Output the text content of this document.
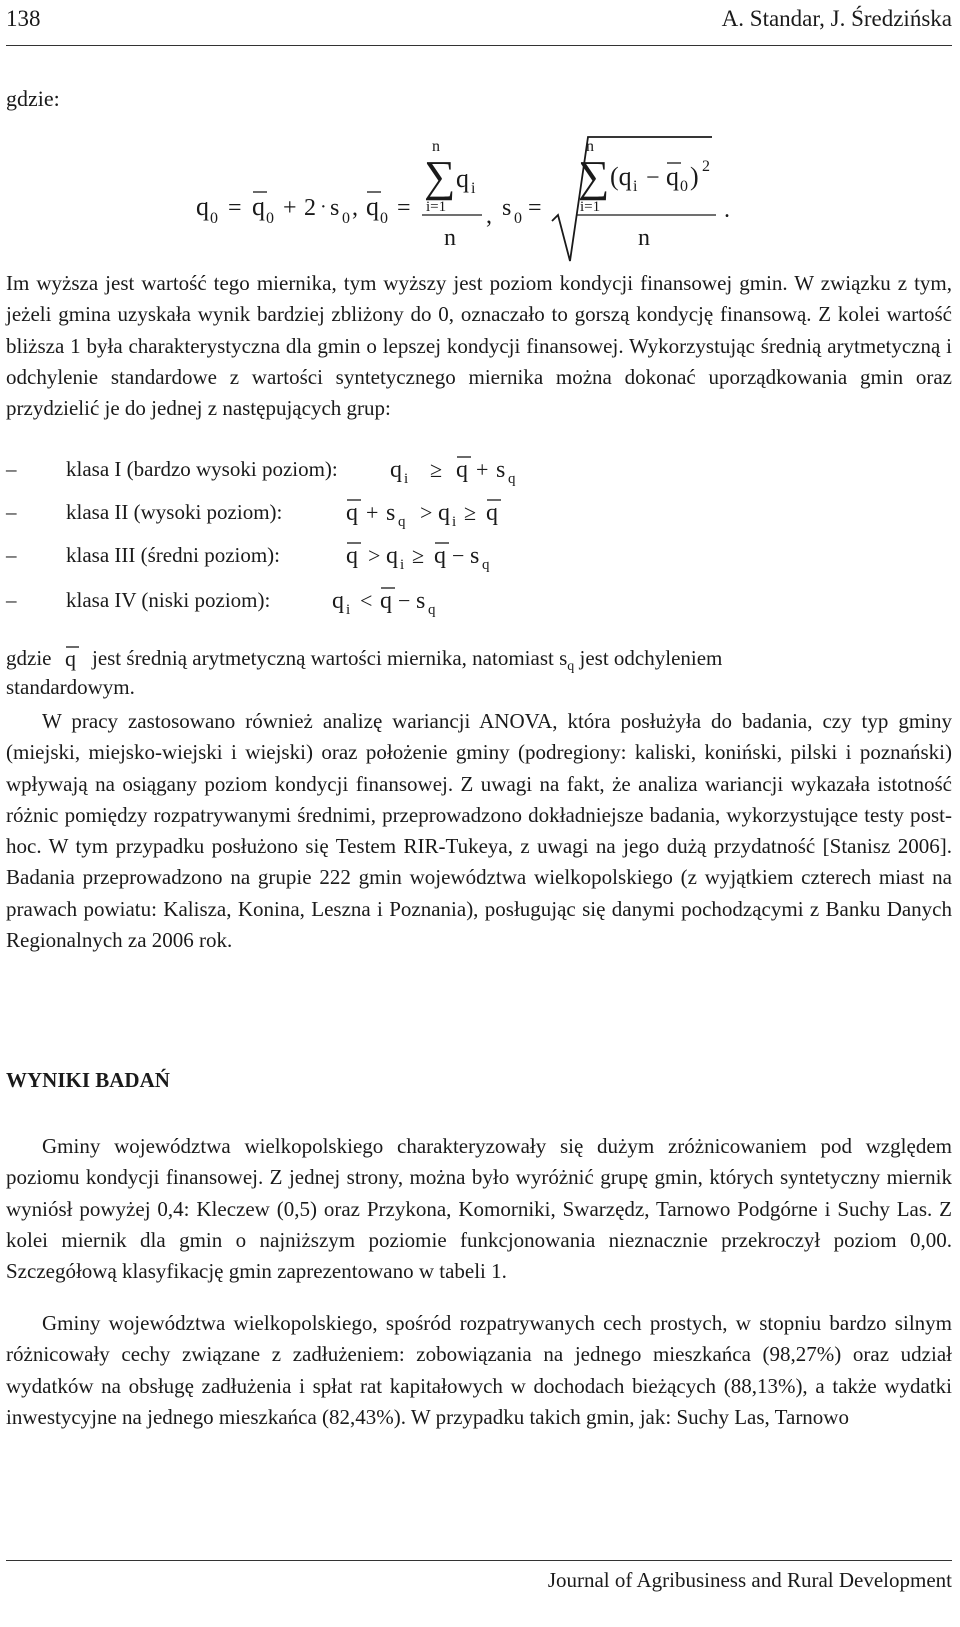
138	A. Standar, J. Średzińska
gdzie:
q 0 = q 0 + 2 · s 0 , q 0 =
n
∑ q i
i=1
n
, s 0 =
n
∑
i=1
(q i − q 0 ) 2
n
.
Im wyższa jest wartość tego miernika, tym wyższy jest poziom kondycji finansowej gmin. W związku z tym, jeżeli gmina uzyskała wynik bardziej zbliżony do 0, oznaczało to gorszą kondycję finansową. Z kolei wartość bliższa 1 była charakterystyczna dla gmin o lepszej kondycji finansowej. Wykorzystując średnią arytmetyczną i odchylenie standardowe z wartości syntetycznego miernika można dokonać uporządkowania gmin oraz przydzielić je do jednej z następujących grup:
– klasa I (bardzo wysoki poziom): q i ≥ q + s q
– klasa II (wysoki poziom):	q + s q > q i ≥ q
– klasa III (średni poziom):	q > q i ≥ q − s q
– klasa IV (niski poziom):	q i < q − s q
gdzie q jest średnią arytmetyczną wartości miernika, natomiast $s_q$ jest odchyleniem
standardowym.
W pracy zastosowano również analizę wariancji ANOVA, która posłużyła do badania, czy typ gminy (miejski, miejsko-wiejski i wiejski) oraz położenie gminy (podregiony: kaliski, koniński, pilski i poznański) wpływają na osiągany poziom kondycji finansowej. Z uwagi na fakt, że analiza wariancji wykazała istotność różnic pomiędzy rozpatrywanymi średnimi, przeprowadzono dokładniejsze badania, wykorzystujące testy post-hoc. W tym przypadku posłużono się Testem RIR-Tukeya, z uwagi na jego dużą przydatność [Stanisz 2006]. Badania przeprowadzono na grupie 222 gmin województwa wielkopolskiego (z wyjątkiem czterech miast na prawach powiatu: Kalisza, Konina, Leszna i Poznania), posługując się danymi pochodzącymi z Banku Danych Regionalnych za 2006 rok.
WYNIKI BADAŃ
Gminy województwa wielkopolskiego charakteryzowały się dużym zróżnicowaniem pod względem poziomu kondycji finansowej. Z jednej strony, można było wyróżnić grupę gmin, których syntetyczny miernik wyniósł powyżej 0,4: Kleczew (0,5) oraz Przykona, Komorniki, Swarzędz, Tarnowo Podgórne i Suchy Las. Z kolei miernik dla gmin o najniższym poziomie funkcjonowania nieznacznie przekroczył poziom 0,00. Szczegółową klasyfikację gmin zaprezentowano w tabeli 1.
Gminy województwa wielkopolskiego, spośród rozpatrywanych cech prostych, w stopniu bardzo silnym różnicowały cechy związane z zadłużeniem: zobowiązania na jednego mieszkańca (98,27%) oraz udział wydatków na obsługę zadłużenia i spłat rat kapitałowych w dochodach bieżących (88,13%), a także wydatki inwestycyjne na jednego mieszkańca (82,43%). W przypadku takich gmin, jak: Suchy Las, Tarnowo
Journal of Agribusiness and Rural Development
